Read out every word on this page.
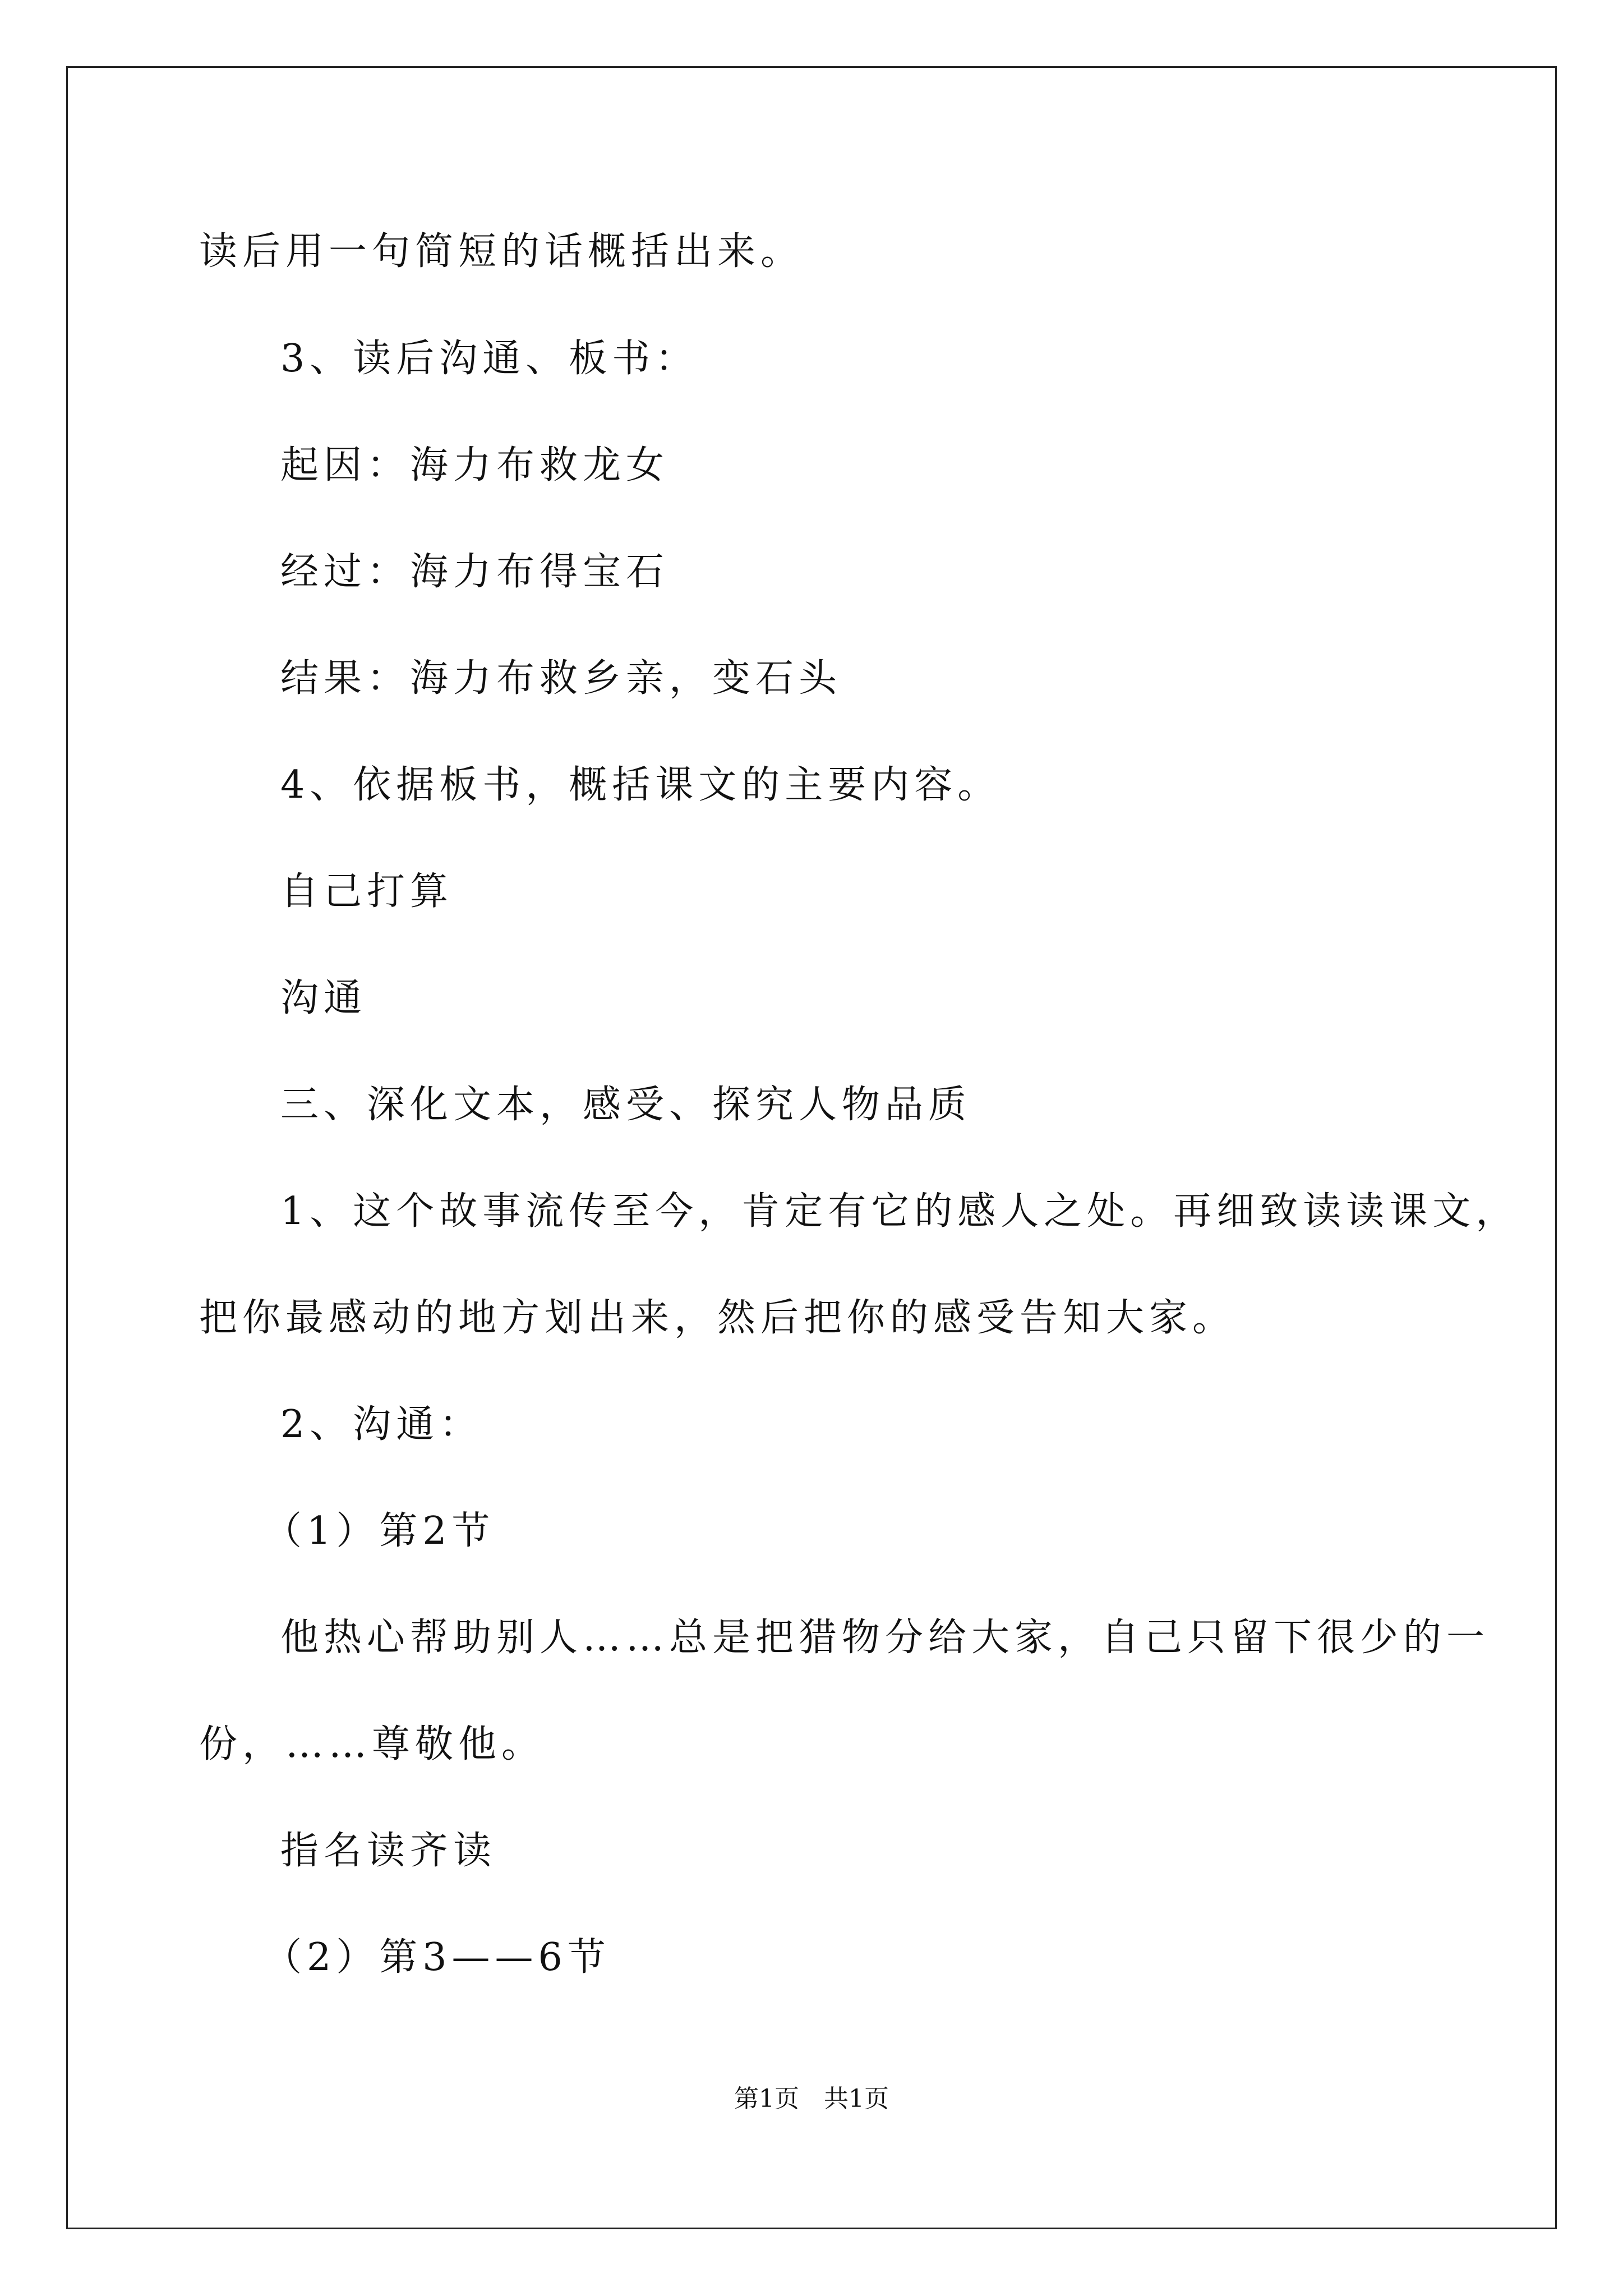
读后用一句简短的话概括出来。
3、读后沟通、板书：
起因：海力布救龙女
经过：海力布得宝石
结果：海力布救乡亲，变石头
4、依据板书，概括课文的主要内容。
自己打算
沟通
三、深化文本，感受、探究人物品质
1、这个故事流传至今，肯定有它的感人之处。再细致读读课文，
把你最感动的地方划出来，然后把你的感受告知大家。
2、沟通：
（1）第2节
他热心帮助别人……总是把猎物分给大家，自己只留下很少的一
份，……尊敬他。
指名读齐读
（2）第3——6节
第1页　共1页
